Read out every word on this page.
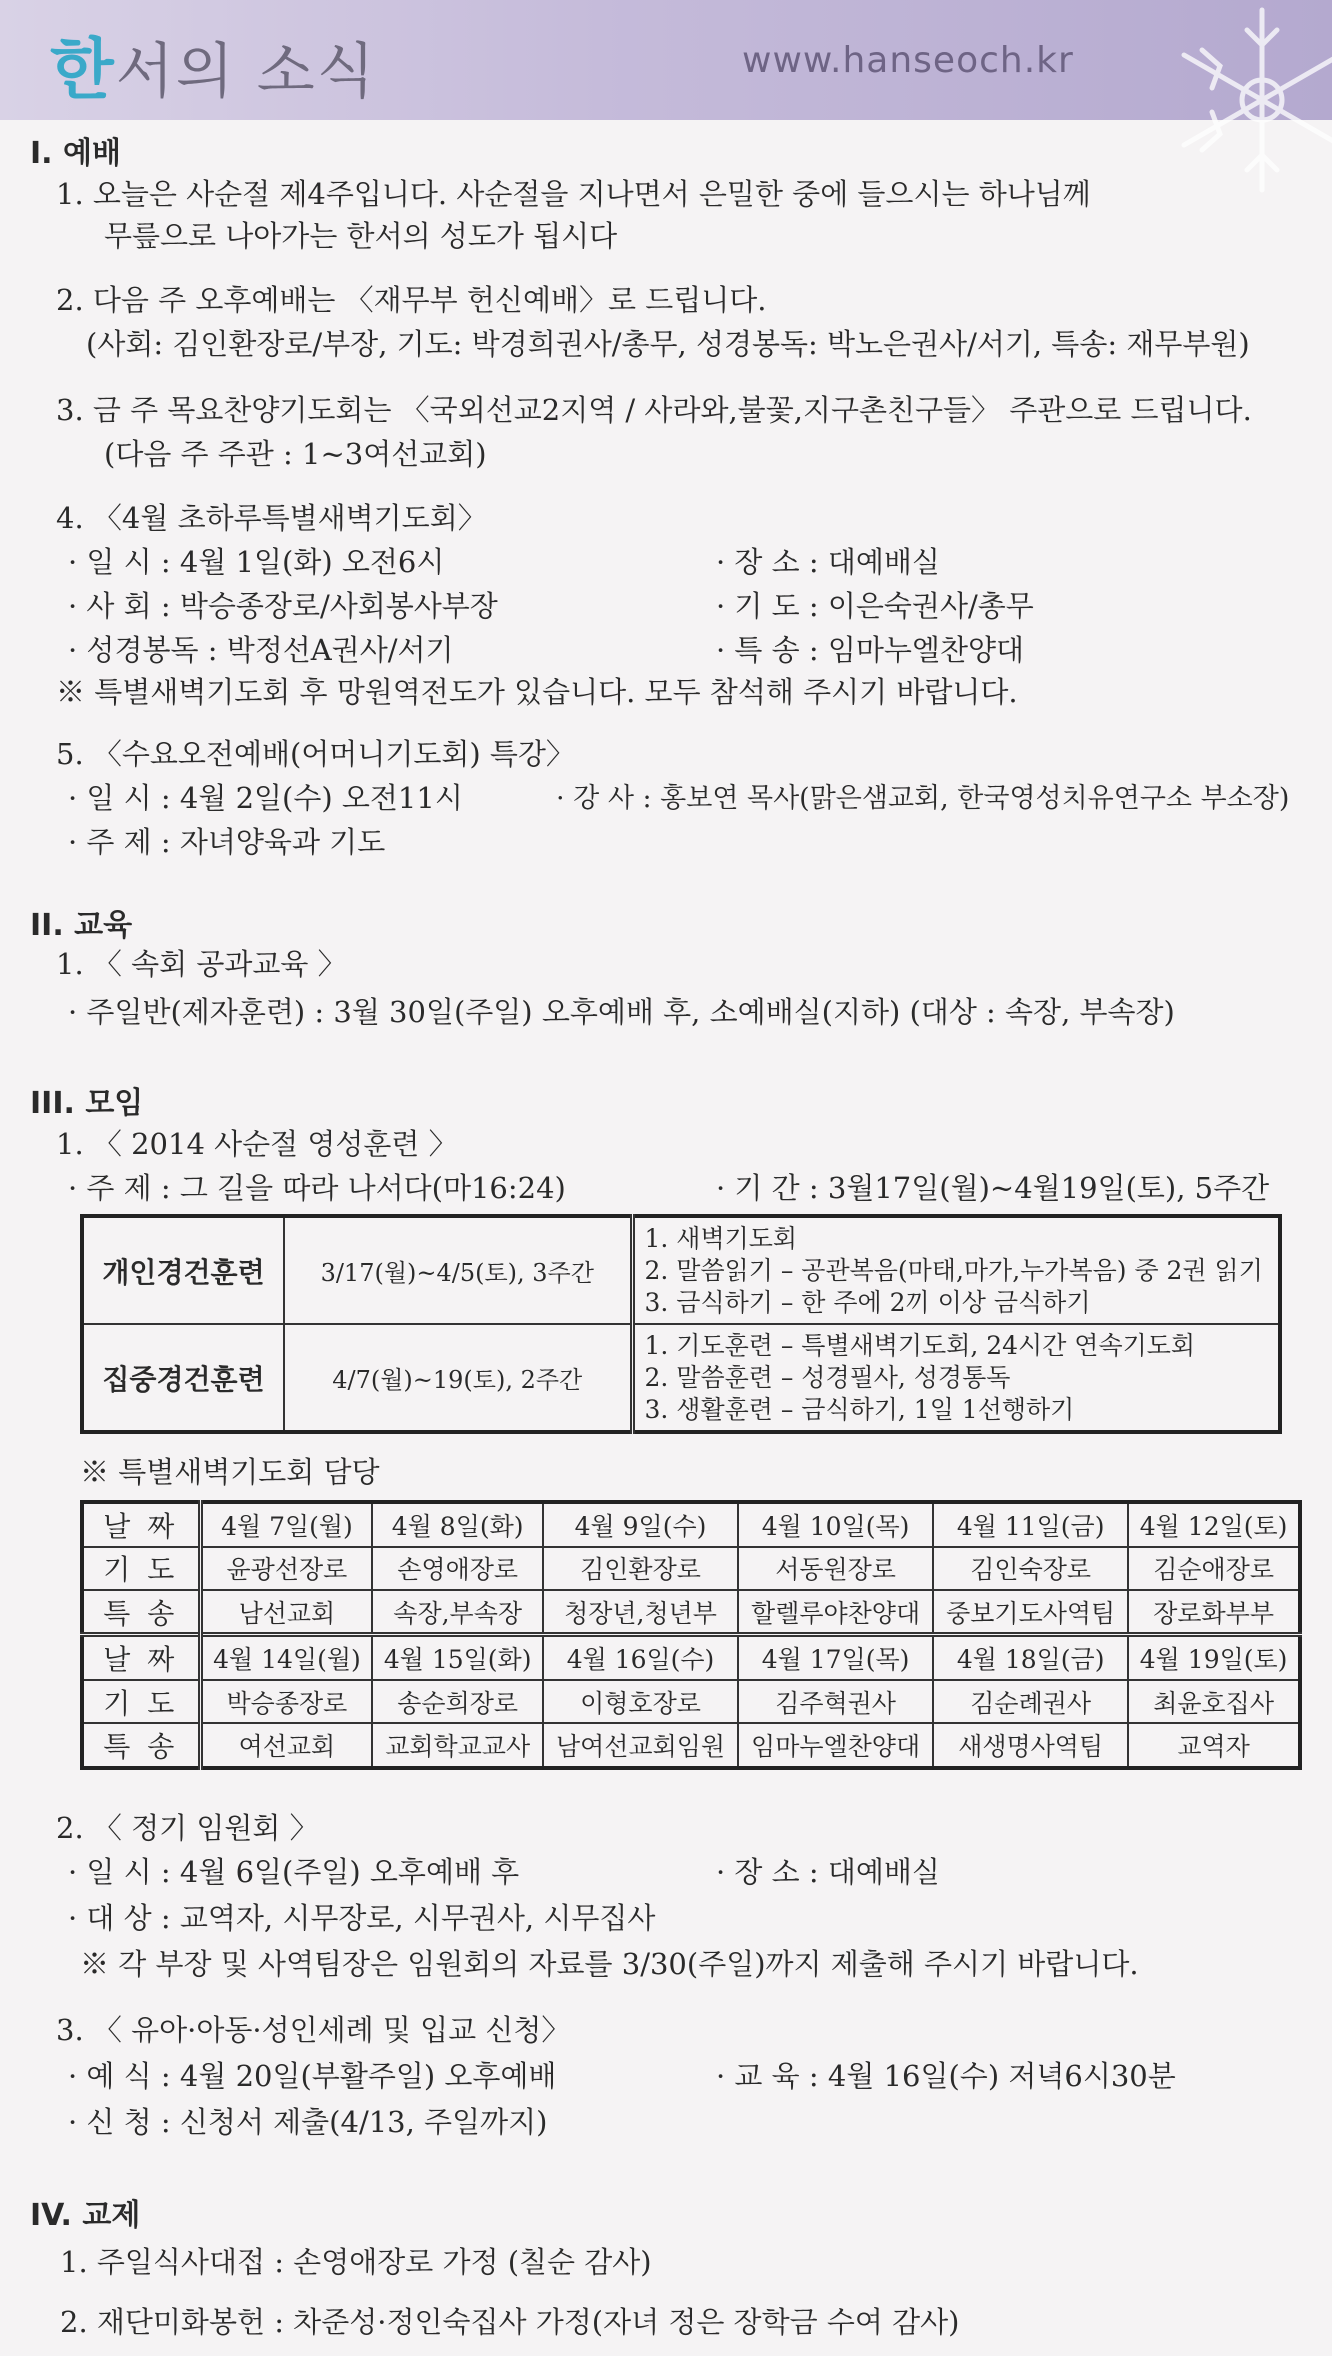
한서의 소식	www.hanseoch.kr
I. 예배
1. 오늘은 사순절 제4주입니다. 사순절을 지나면서 은밀한 중에 들으시는 하나님께
무릎으로 나아가는 한서의 성도가 됩시다
2. 다음 주 오후예배는 〈재무부 헌신예배〉로 드립니다.
(사회: 김인환장로/부장, 기도: 박경희권사/총무, 성경봉독: 박노은권사/서기, 특송: 재무부원)
3. 금 주 목요찬양기도회는 〈국외선교2지역 / 사라와,불꽃,지구촌친구들〉 주관으로 드립니다.
(다음 주 주관 : 1~3여선교회)
4. 〈4월 초하루특별새벽기도회〉
· 일 시 : 4월 1일(화) 오전6시	· 장 소 : 대예배실
· 사 회 : 박승종장로/사회봉사부장	· 기 도 : 이은숙권사/총무
· 성경봉독 : 박정선A권사/서기	· 특 송 : 임마누엘찬양대
※ 특별새벽기도회 후 망원역전도가 있습니다. 모두 참석해 주시기 바랍니다.
5. 〈수요오전예배(어머니기도회) 특강〉
· 일 시 : 4월 2일(수) 오전11시	· 강 사 : 홍보연 목사(맑은샘교회, 한국영성치유연구소 부소장)
· 주 제 : 자녀양육과 기도
II. 교육
1. 〈 속회 공과교육 〉
· 주일반(제자훈련) : 3월 30일(주일) 오후예배 후, 소예배실(지하) (대상 : 속장, 부속장)
III. 모임
1. 〈 2014 사순절 영성훈련 〉
· 주 제 : 그 길을 따라 나서다(마16:24)	· 기 간 : 3월17일(월)~4월19일(토), 5주간
개인경건훈련	3/17(월)~4/5(토), 3주간	1. 새벽기도회
2. 말씀읽기 – 공관복음(마태,마가,누가복음) 중 2권 읽기
3. 금식하기 – 한 주에 2끼 이상 금식하기

집중경건훈련	4/7(월)~19(토), 2주간	1. 기도훈련 – 특별새벽기도회, 24시간 연속기도회
2. 말씀훈련 – 성경필사, 성경통독
3. 생활훈련 – 금식하기, 1일 1선행하기
※ 특별새벽기도회 담당
날 짜	4월 7일(월)	4월 8일(화)	4월 9일(수)	4월 10일(목)	4월 11일(금)	4월 12일(토)
기 도	윤광선장로	손영애장로	김인환장로	서동원장로	김인숙장로	김순애장로
특 송	남선교회	속장,부속장	청장년,청년부	할렐루야찬양대	중보기도사역팀	장로화부부
날 짜	4월 14일(월)	4월 15일(화)	4월 16일(수)	4월 17일(목)	4월 18일(금)	4월 19일(토)
기 도	박승종장로	송순희장로	이형호장로	김주혁권사	김순례권사	최윤호집사
특 송	여선교회	교회학교교사	남여선교회임원	임마누엘찬양대	새생명사역팀	교역자
2. 〈 정기 임원회 〉
· 일 시 : 4월 6일(주일) 오후예배 후	· 장 소 : 대예배실
· 대 상 : 교역자, 시무장로, 시무권사, 시무집사
※ 각 부장 및 사역팀장은 임원회의 자료를 3/30(주일)까지 제출해 주시기 바랍니다.
3. 〈 유아·아동·성인세례 및 입교 신청〉
· 예 식 : 4월 20일(부활주일) 오후예배	· 교 육 : 4월 16일(수) 저녁6시30분
· 신 청 : 신청서 제출(4/13, 주일까지)
IV. 교제
1. 주일식사대접 : 손영애장로 가정 (칠순 감사)
2. 재단미화봉헌 : 차준성·정인숙집사 가정(자녀 정은 장학금 수여 감사)
